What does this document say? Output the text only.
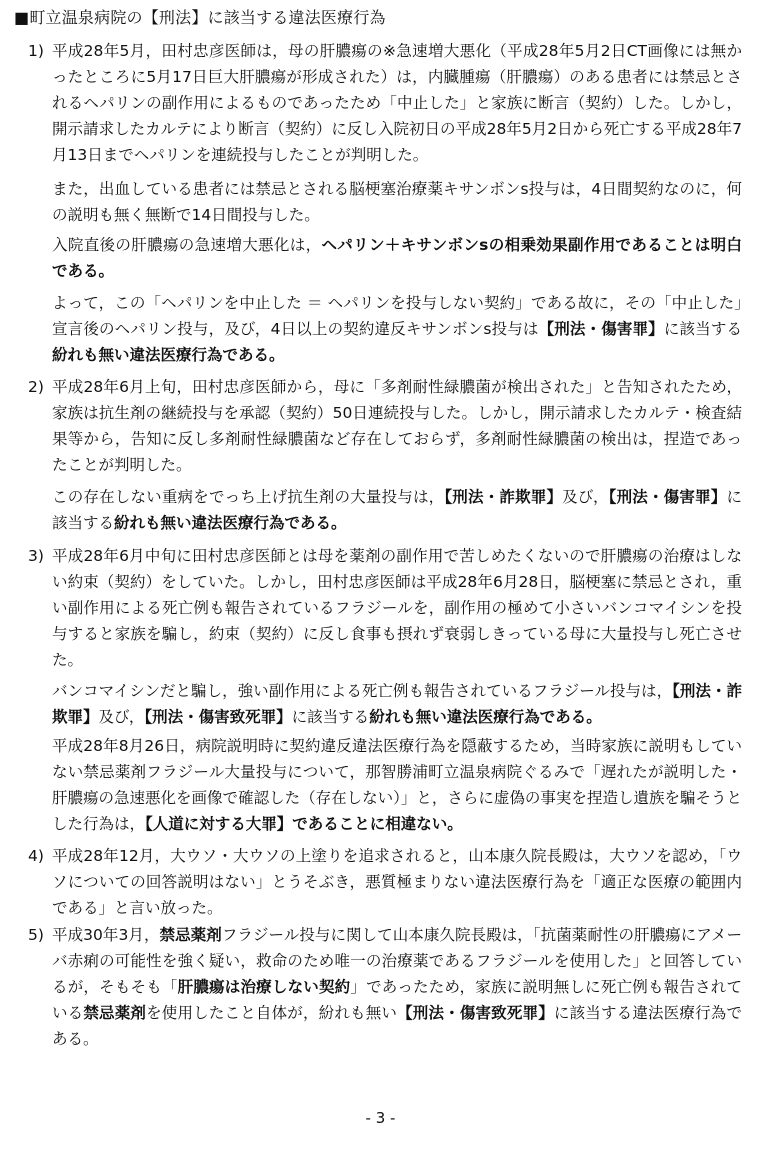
■町立温泉病院の【刑法】に該当する違法医療行為
1) 平成28年5月，田村忠彦医師は，母の肝膿瘍の※急速増大悪化（平成28年5月2日CT画像には無かったところに5月17日巨大肝膿瘍が形成された）は，内臓腫瘍（肝膿瘍）のある患者には禁忌とされるヘパリンの副作用によるものであったため「中止した」と家族に断言（契約）した。しかし，開示請求したカルテにより断言（契約）に反し入院初日の平成28年5月2日から死亡する平成28年7月13日までヘパリンを連続投与したことが判明した。
また，出血している患者には禁忌とされる脳梗塞治療薬キサンボンs投与は，4日間契約なのに，何の説明も無く無断で14日間投与した。
入院直後の肝膿瘍の急速増大悪化は，ヘパリン＋キサンボンsの相乗効果副作用であることは明白である。
よって，この「ヘパリンを中止した ＝ ヘパリンを投与しない契約」である故に，その「中止した」宣言後のヘパリン投与，及び，4日以上の契約違反キサンボンs投与は【刑法・傷害罪】に該当する紛れも無い違法医療行為である。
2) 平成28年6月上旬，田村忠彦医師から，母に「多剤耐性緑膿菌が検出された」と告知されたため，家族は抗生剤の継続投与を承認（契約）50日連続投与した。しかし，開示請求したカルテ・検査結果等から，告知に反し多剤耐性緑膿菌など存在しておらず，多剤耐性緑膿菌の検出は，捏造であったことが判明した。
この存在しない重病をでっち上げ抗生剤の大量投与は，【刑法・詐欺罪】及び，【刑法・傷害罪】に該当する紛れも無い違法医療行為である。
3) 平成28年6月中旬に田村忠彦医師とは母を薬剤の副作用で苦しめたくないので肝膿瘍の治療はしない約束（契約）をしていた。しかし，田村忠彦医師は平成28年6月28日，脳梗塞に禁忌とされ，重い副作用による死亡例も報告されているフラジールを，副作用の極めて小さいバンコマイシンを投与すると家族を騙し，約束（契約）に反し食事も摂れず衰弱しきっている母に大量投与し死亡させた。
バンコマイシンだと騙し，強い副作用による死亡例も報告されているフラジール投与は，【刑法・詐欺罪】及び，【刑法・傷害致死罪】に該当する紛れも無い違法医療行為である。
平成28年8月26日，病院説明時に契約違反違法医療行為を隠蔽するため，当時家族に説明もしていない禁忌薬剤フラジール大量投与について，那智勝浦町立温泉病院ぐるみで「遅れたが説明した・肝膿瘍の急速悪化を画像で確認した（存在しない）」と，さらに虚偽の事実を捏造し遺族を騙そうとした行為は，【人道に対する大罪】であることに相違ない。
4) 平成28年12月，大ウソ・大ウソの上塗りを追求されると，山本康久院長殿は，大ウソを認め，「ウソについての回答説明はない」とうそぶき，悪質極まりない違法医療行為を「適正な医療の範囲内である」と言い放った。
5) 平成30年3月，禁忌薬剤フラジール投与に関して山本康久院長殿は，「抗菌薬耐性の肝膿瘍にアメーバ赤痢の可能性を強く疑い，救命のため唯一の治療薬であるフラジールを使用した」と回答しているが，そもそも「肝膿瘍は治療しない契約」であったため，家族に説明無しに死亡例も報告されている禁忌薬剤を使用したこと自体が，紛れも無い【刑法・傷害致死罪】に該当する違法医療行為である。
- 3 -
